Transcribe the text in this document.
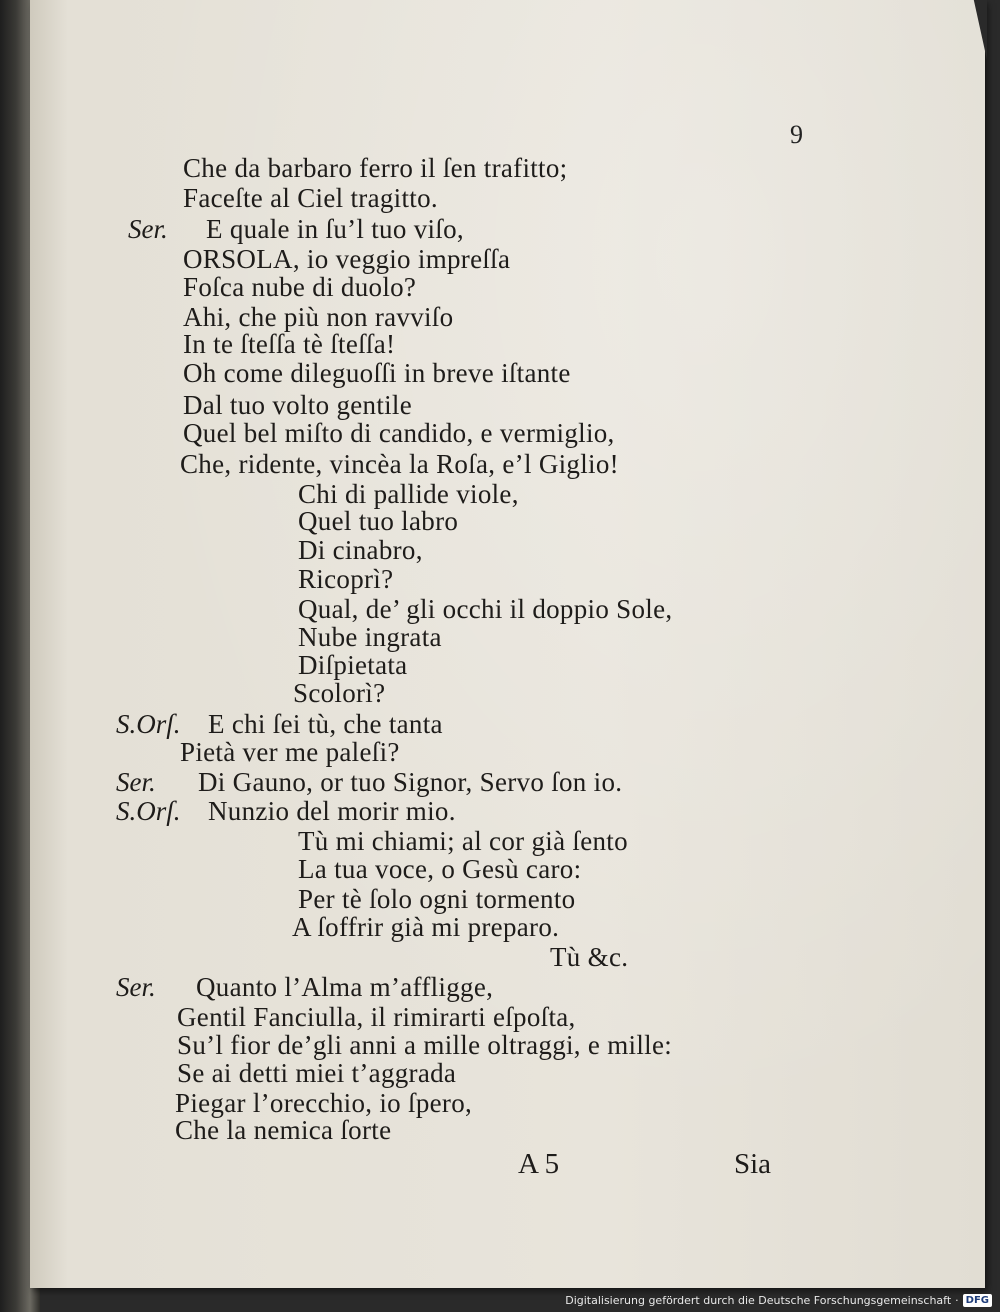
9
Che da barbaro ferro il ſen trafitto;
Faceſte al Ciel tragitto.
Ser. E quale in ſu’l tuo viſo,
ORSOLA, io veggio impreſſa
Foſca nube di duolo?
Ahi, che più non ravviſo
In te ſteſſa tè ſteſſa!
Oh come dileguoſſi in breve iſtante
Dal tuo volto gentile
Quel bel miſto di candido, e vermiglio,
Che, ridente, vincèa la Roſa, e’l Giglio!
Chi di pallide viole,
Quel tuo labro
Di cinabro,
Ricoprì?
Qual, de’ gli occhi il doppio Sole,
Nube ingrata
Diſpietata
Scolorì?
S.Orſ. E chi ſei tù, che tanta
Pietà ver me paleſi?
Ser. Di Gauno, or tuo Signor, Servo ſon io.
S.Orſ. Nunzio del morir mio.
Tù mi chiami; al cor già ſento
La tua voce, o Gesù caro:
Per tè ſolo ogni tormento
A ſoffrir già mi preparo.
Tù &c.
Ser. Quanto l’Alma m’affligge,
Gentil Fanciulla, il rimirarti eſpoſta,
Su’l fior de’gli anni a mille oltraggi, e mille:
Se ai detti miei t’aggrada
Piegar l’orecchio, io ſpero,
Che la nemica ſorte
A 5	Sia
Digitalisierung gefördert durch die Deutsche Forschungsgemeinschaft · DFG
